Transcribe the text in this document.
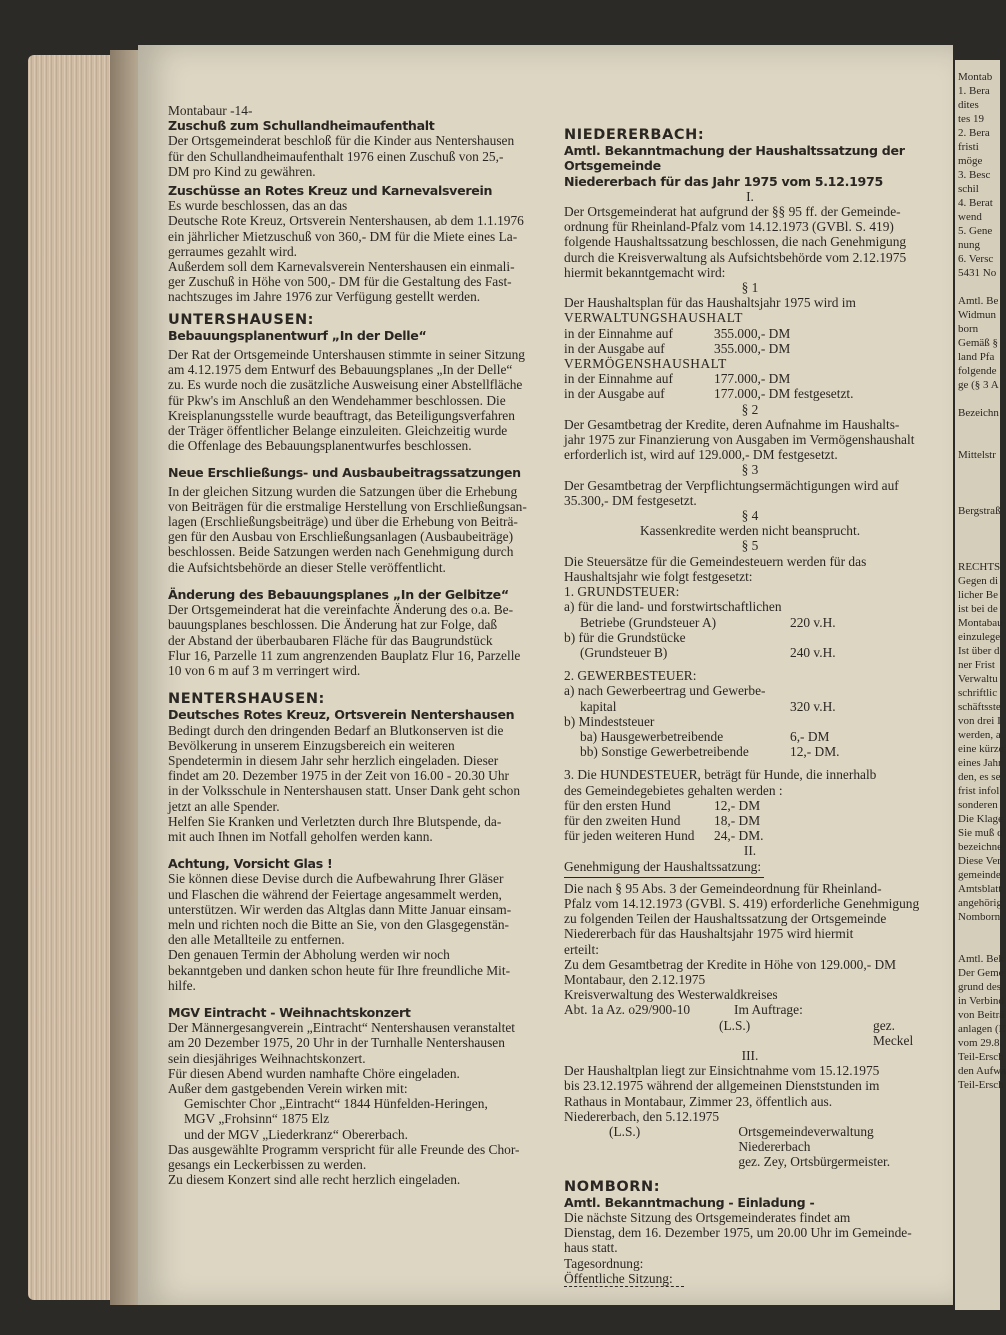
Montab
1. Bera
dites
tes 19
2. Bera
fristi
möge
3. Besc
schil
4. Berat
wend
5. Gene
nung
6. Versc
5431 No
Amtl. Be
Widmun
born
Gemäß §
land Pfa
folgende
ge (§ 3 A
Bezeichn
Mittelstr
Bergstraß
RECHTS
Gegen di
licher Be
ist bei de
Montabau
einzulege
Ist über d
ner Frist
Verwaltu
schriftlic
schäftsste
von drei I
werden, a
eine kürze
eines Jahr
den, es se
frist infol
sonderen
Die Klage
Sie muß d
bezeichne
Diese Ver
gemeinde
Amtsblatt
angehörig
Nomborn
Amtl. Bek
Der Geme
grund des
in Verbind
von Beiträ
anlagen (E
vom 29.8.
Teil-Ersch
den Aufwa
Teil-Ersch

Montabaur -14-

Zuschuß zum Schullandheimaufenthalt

Der Ortsgemeinderat beschloß für die Kinder aus Nentershausen
für den Schullandheimaufenthalt 1976 einen Zuschuß von 25,-
DM pro Kind zu gewähren.

Zuschüsse an Rotes Kreuz und Karnevalsverein

Es wurde beschlossen, das an das
Deutsche Rote Kreuz, Ortsverein Nentershausen, ab dem 1.1.1976
ein jährlicher Mietzuschuß von 360,- DM für die Miete eines La-
gerraumes gezahlt wird.
Außerdem soll dem Karnevalsverein Nentershausen ein einmali-
ger Zuschuß in Höhe von 500,- DM für die Gestaltung des Fast-
nachtszuges im Jahre 1976 zur Verfügung gestellt werden.

UNTERSHAUSEN:

Bebauungsplanentwurf „In der Delle“

Der Rat der Ortsgemeinde Untershausen stimmte in seiner Sitzung
am 4.12.1975 dem Entwurf des Bebauungsplanes „In der Delle“
zu. Es wurde noch die zusätzliche Ausweisung einer Abstellfläche
für Pkw's im Anschluß an den Wendehammer beschlossen. Die
Kreisplanungsstelle wurde beauftragt, das Beteiligungsverfahren
der Träger öffentlicher Belange einzuleiten. Gleichzeitig wurde
die Offenlage des Bebauungsplanentwurfes beschlossen.

Neue Erschließungs- und Ausbaubeitragssatzungen

In der gleichen Sitzung wurden die Satzungen über die Erhebung
von Beiträgen für die erstmalige Herstellung von Erschließungsan-
lagen (Erschließungsbeiträge) und über die Erhebung von Beiträ-
gen für den Ausbau von Erschließungsanlagen (Ausbaubeiträge)
beschlossen. Beide Satzungen werden nach Genehmigung durch
die Aufsichtsbehörde an dieser Stelle veröffentlicht.

Änderung des Bebauungsplanes „In der Gelbitze“

Der Ortsgemeinderat hat die vereinfachte Änderung des o.a. Be-
bauungsplanes beschlossen. Die Änderung hat zur Folge, daß
der Abstand der überbaubaren Fläche für das Baugrundstück
Flur 16, Parzelle 11 zum angrenzenden Bauplatz Flur 16, Parzelle
10 von 6 m auf 3 m verringert wird.

NENTERSHAUSEN:

Deutsches Rotes Kreuz, Ortsverein Nentershausen

Bedingt durch den dringenden Bedarf an Blutkonserven ist die
Bevölkerung in unserem Einzugsbereich ein weiteren
Spendetermin in diesem Jahr sehr herzlich eingeladen. Dieser
findet am 20. Dezember 1975 in der Zeit von 16.00 - 20.30 Uhr
in der Volksschule in Nentershausen statt. Unser Dank geht schon
jetzt an alle Spender.
Helfen Sie Kranken und Verletzten durch Ihre Blutspende, da-
mit auch Ihnen im Notfall geholfen werden kann.

Achtung, Vorsicht Glas !

Sie können diese Devise durch die Aufbewahrung Ihrer Gläser
und Flaschen die während der Feiertage angesammelt werden,
unterstützen. Wir werden das Altglas dann Mitte Januar einsam-
meln und richten noch die Bitte an Sie, von den Glasgegenstän-
den alle Metallteile zu entfernen.
Den genauen Termin der Abholung werden wir noch
bekanntgeben und danken schon heute für Ihre freundliche Mit-
hilfe.

MGV Eintracht - Weihnachtskonzert

Der Männergesangverein „Eintracht“ Nentershausen veranstaltet
am 20 Dezember 1975, 20 Uhr in der Turnhalle Nentershausen
sein diesjähriges Weihnachtskonzert.
Für diesen Abend wurden namhafte Chöre eingeladen.
Außer dem gastgebenden Verein wirken mit:
Gemischter Chor „Eintracht“ 1844 Hünfelden-Heringen,
MGV „Frohsinn“ 1875 Elz
und der MGV „Liederkranz“ Obererbach.
Das ausgewählte Programm verspricht für alle Freunde des Chor-
gesangs ein Leckerbissen zu werden.
Zu diesem Konzert sind alle recht herzlich eingeladen.

NIEDERERBACH:

Amtl. Bekanntmachung der Haushaltssatzung der Ortsgemeinde
Niedererbach für das Jahr 1975 vom 5.12.1975

I.

Der Ortsgemeinderat hat aufgrund der §§ 95 ff. der Gemeinde-
ordnung für Rheinland-Pfalz vom 14.12.1973 (GVBl. S. 419)
folgende Haushaltssatzung beschlossen, die nach Genehmigung
durch die Kreisverwaltung als Aufsichtsbehörde vom 2.12.1975
hiermit bekanntgemacht wird:

§ 1

Der Haushaltsplan für das Haushaltsjahr 1975 wird im

VERWALTUNGSHAUSHALT

in der Einnahme auf	355.000,- DM
in der Ausgabe auf	355.000,- DM

VERMÖGENSHAUSHALT

in der Einnahme auf	177.000,- DM
in der Ausgabe auf	177.000,- DM festgesetzt.

§ 2

Der Gesamtbetrag der Kredite, deren Aufnahme im Haushalts-
jahr 1975 zur Finanzierung von Ausgaben im Vermögenshaushalt
erforderlich ist, wird auf 129.000,- DM festgesetzt.

§ 3

Der Gesamtbetrag der Verpflichtungsermächtigungen wird auf
35.300,- DM festgesetzt.

§ 4

Kassenkredite werden nicht beansprucht.

§ 5

Die Steuersätze für die Gemeindesteuern werden für das
Haushaltsjahr wie folgt festgesetzt:

1. GRUNDSTEUER:

a) für die land- und forstwirtschaftlichen

Betriebe (Grundsteuer A)	220 v.H.

b) für die Grundstücke

(Grundsteuer B)	240 v.H.

2. GEWERBESTEUER:

a) nach Gewerbeertrag und Gewerbe-

kapital	320 v.H.

b) Mindeststeuer

ba) Hausgewerbetreibende	6,- DM
bb) Sonstige Gewerbetreibende	12,- DM.
3. Die HUNDESTEUER, beträgt für Hunde, die innerhalb
des Gemeindegebietes gehalten werden :
für den ersten Hund	12,- DM
für den zweiten Hund	18,- DM
für jeden weiteren Hund	24,- DM.

II.

Genehmigung der Haushaltssatzung:

Die nach § 95 Abs. 3 der Gemeindeordnung für Rheinland-
Pfalz vom 14.12.1973 (GVBl. S. 419) erforderliche Genehmigung
zu folgenden Teilen der Haushaltssatzung der Ortsgemeinde
Niedererbach für das Haushaltsjahr 1975 wird hiermit
erteilt:
Zu dem Gesamtbetrag der Kredite in Höhe von 129.000,- DM
Montabaur, den 2.12.1975
Kreisverwaltung des Westerwaldkreises
Abt. 1a Az. o29/900-10	Im Auftrage:
(L.S.)	gez. Meckel

III.

Der Haushaltplan liegt zur Einsichtnahme vom 15.12.1975
bis 23.12.1975 während der allgemeinen Dienststunden im
Rathaus in Montabaur, Zimmer 23, öffentlich aus.
Niedererbach, den 5.12.1975
(L.S.)	Ortsgemeindeverwaltung Niedererbach
gez. Zey, Ortsbürgermeister.

NOMBORN:

Amtl. Bekanntmachung - Einladung -

Die nächste Sitzung des Ortsgemeinderates findet am
Dienstag, dem 16. Dezember 1975, um 20.00 Uhr im Gemeinde-
haus statt.
Tagesordnung:

Öffentliche Sitzung:
